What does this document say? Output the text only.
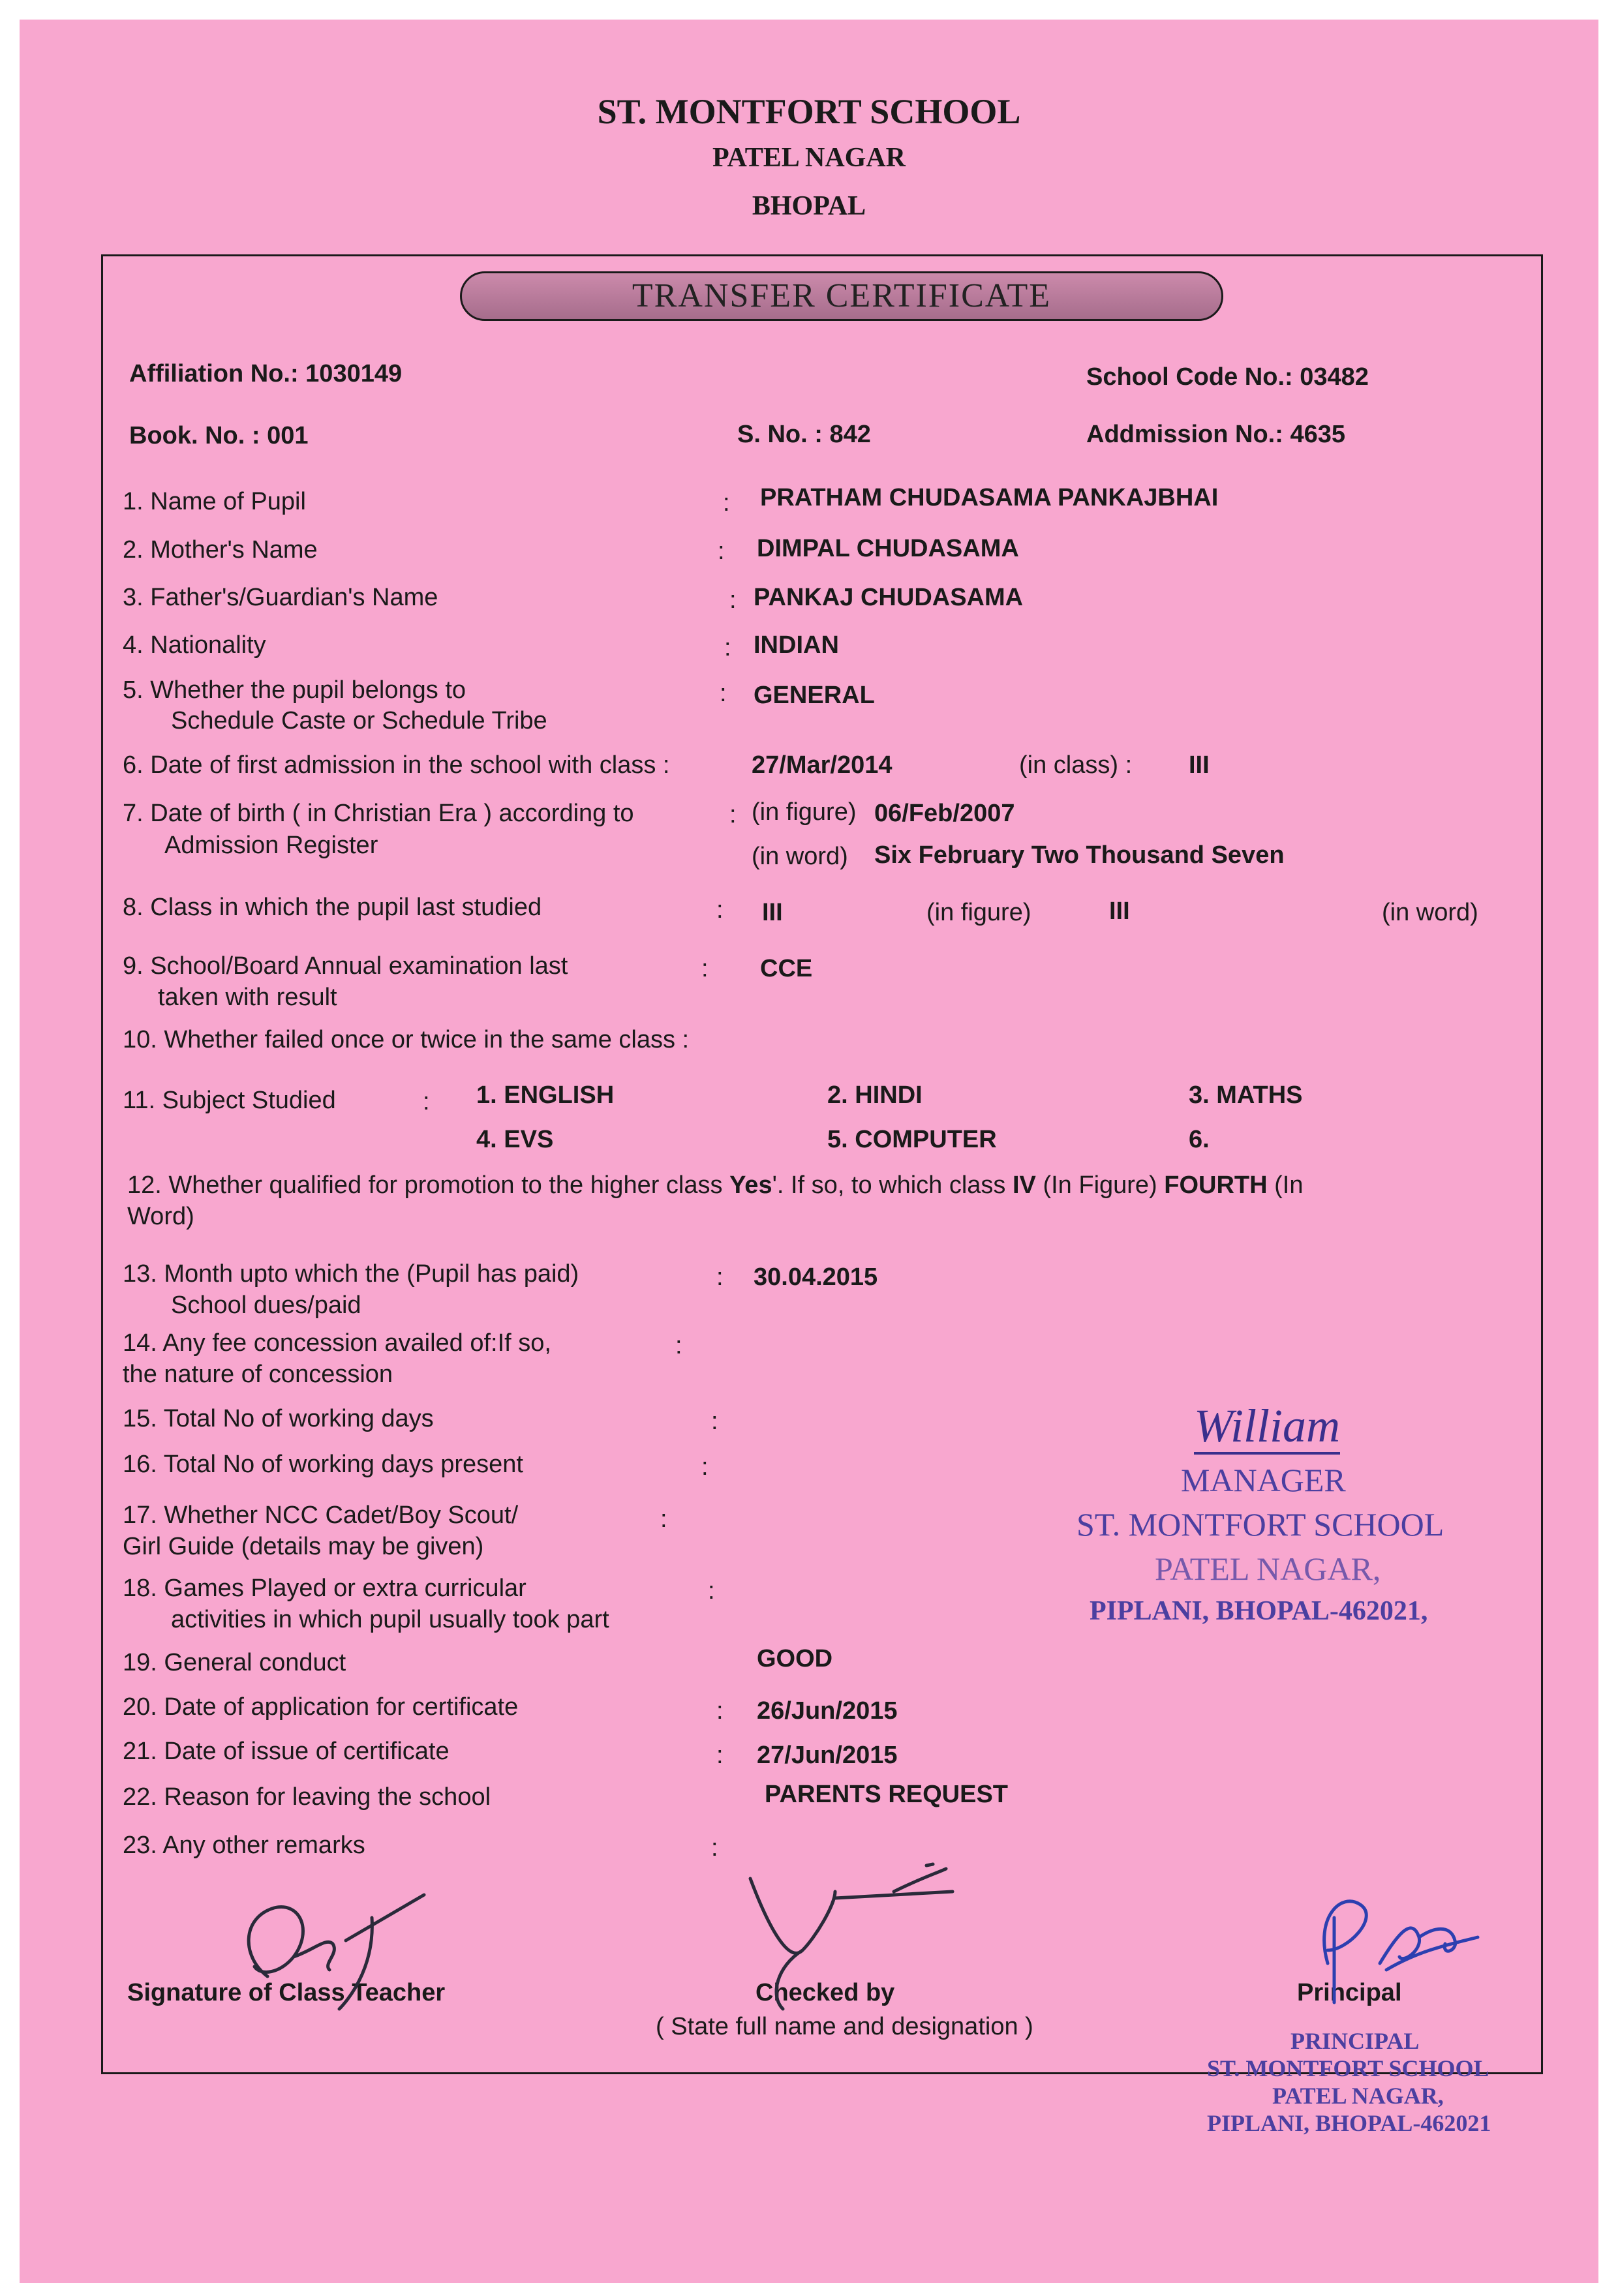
ST. MONTFORT SCHOOL
PATEL NAGAR
BHOPAL
TRANSFER CERTIFICATE
Affiliation No.: 1030149	School Code No.: 03482
Book. No. : 001	S. No. : 842	Addmission No.: 4635
1. Name of Pupil	: PRATHAM CHUDASAMA PANKAJBHAI
2. Mother's Name	: DIMPAL CHUDASAMA
3. Father's/Guardian's Name	: PANKAJ CHUDASAMA
4. Nationality	: INDIAN
5. Whether the pupil belongs to
Schedule Caste or Schedule Tribe
: GENERAL
6. Date of first admission in the school with class :	27/Mar/2014	(in class) : III
7. Date of birth ( in Christian Era ) according to
Admission Register
: (in figure) 06/Feb/2007
(in word) Six February Two Thousand Seven
8. Class in which the pupil last studied	: III	(in figure)	III	(in word)
9. School/Board Annual examination last
taken with result
: CCE
10. Whether failed once or twice in the same class :
11. Subject Studied	: 1. ENGLISH	2. HINDI	3. MATHS
4. EVS	5. COMPUTER	6.
12. Whether qualified for promotion to the higher class Yes'. If so, to which class IV (In Figure) FOURTH (In
Word)
13. Month upto which the (Pupil has paid)
School dues/paid
: 30.04.2015
14. Any fee concession availed of:If so,
the nature of concession
:
15. Total No of working days	:
16. Total No of working days present	:
17. Whether NCC Cadet/Boy Scout/
Girl Guide (details may be given)
:
18. Games Played or extra curricular
activities in which pupil usually took part
:
19. General conduct	GOOD
20. Date of application for certificate	: 26/Jun/2015
21. Date of issue of certificate	: 27/Jun/2015
22. Reason for leaving the school	PARENTS REQUEST
23. Any other remarks	:
Signature of Class Teacher	Checked by
( State full name and designation )
Principal
William
MANAGER
ST. MONTFORT SCHOOL
PATEL NAGAR,
PIPLANI, BHOPAL-462021,
PRINCIPAL
ST. MONTFORT SCHOOL
PATEL NAGAR,
PIPLANI, BHOPAL-462021
